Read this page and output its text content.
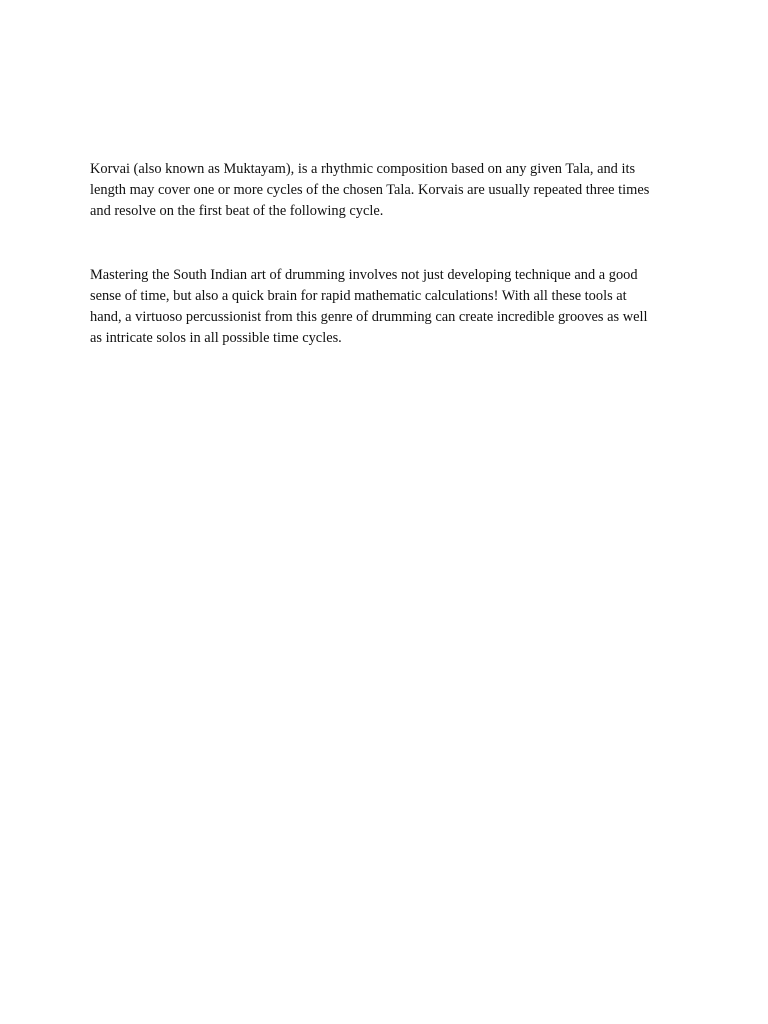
Korvai (also known as Muktayam), is a rhythmic composition based on any given Tala, and its
length may cover one or more cycles of the chosen Tala. Korvais are usually repeated three times
and resolve on the first beat of the following cycle.

Mastering the South Indian art of drumming involves not just developing technique and a good
sense of time, but also a quick brain for rapid mathematic calculations! With all these tools at
hand, a virtuoso percussionist from this genre of drumming can create incredible grooves as well
as intricate solos in all possible time cycles.
